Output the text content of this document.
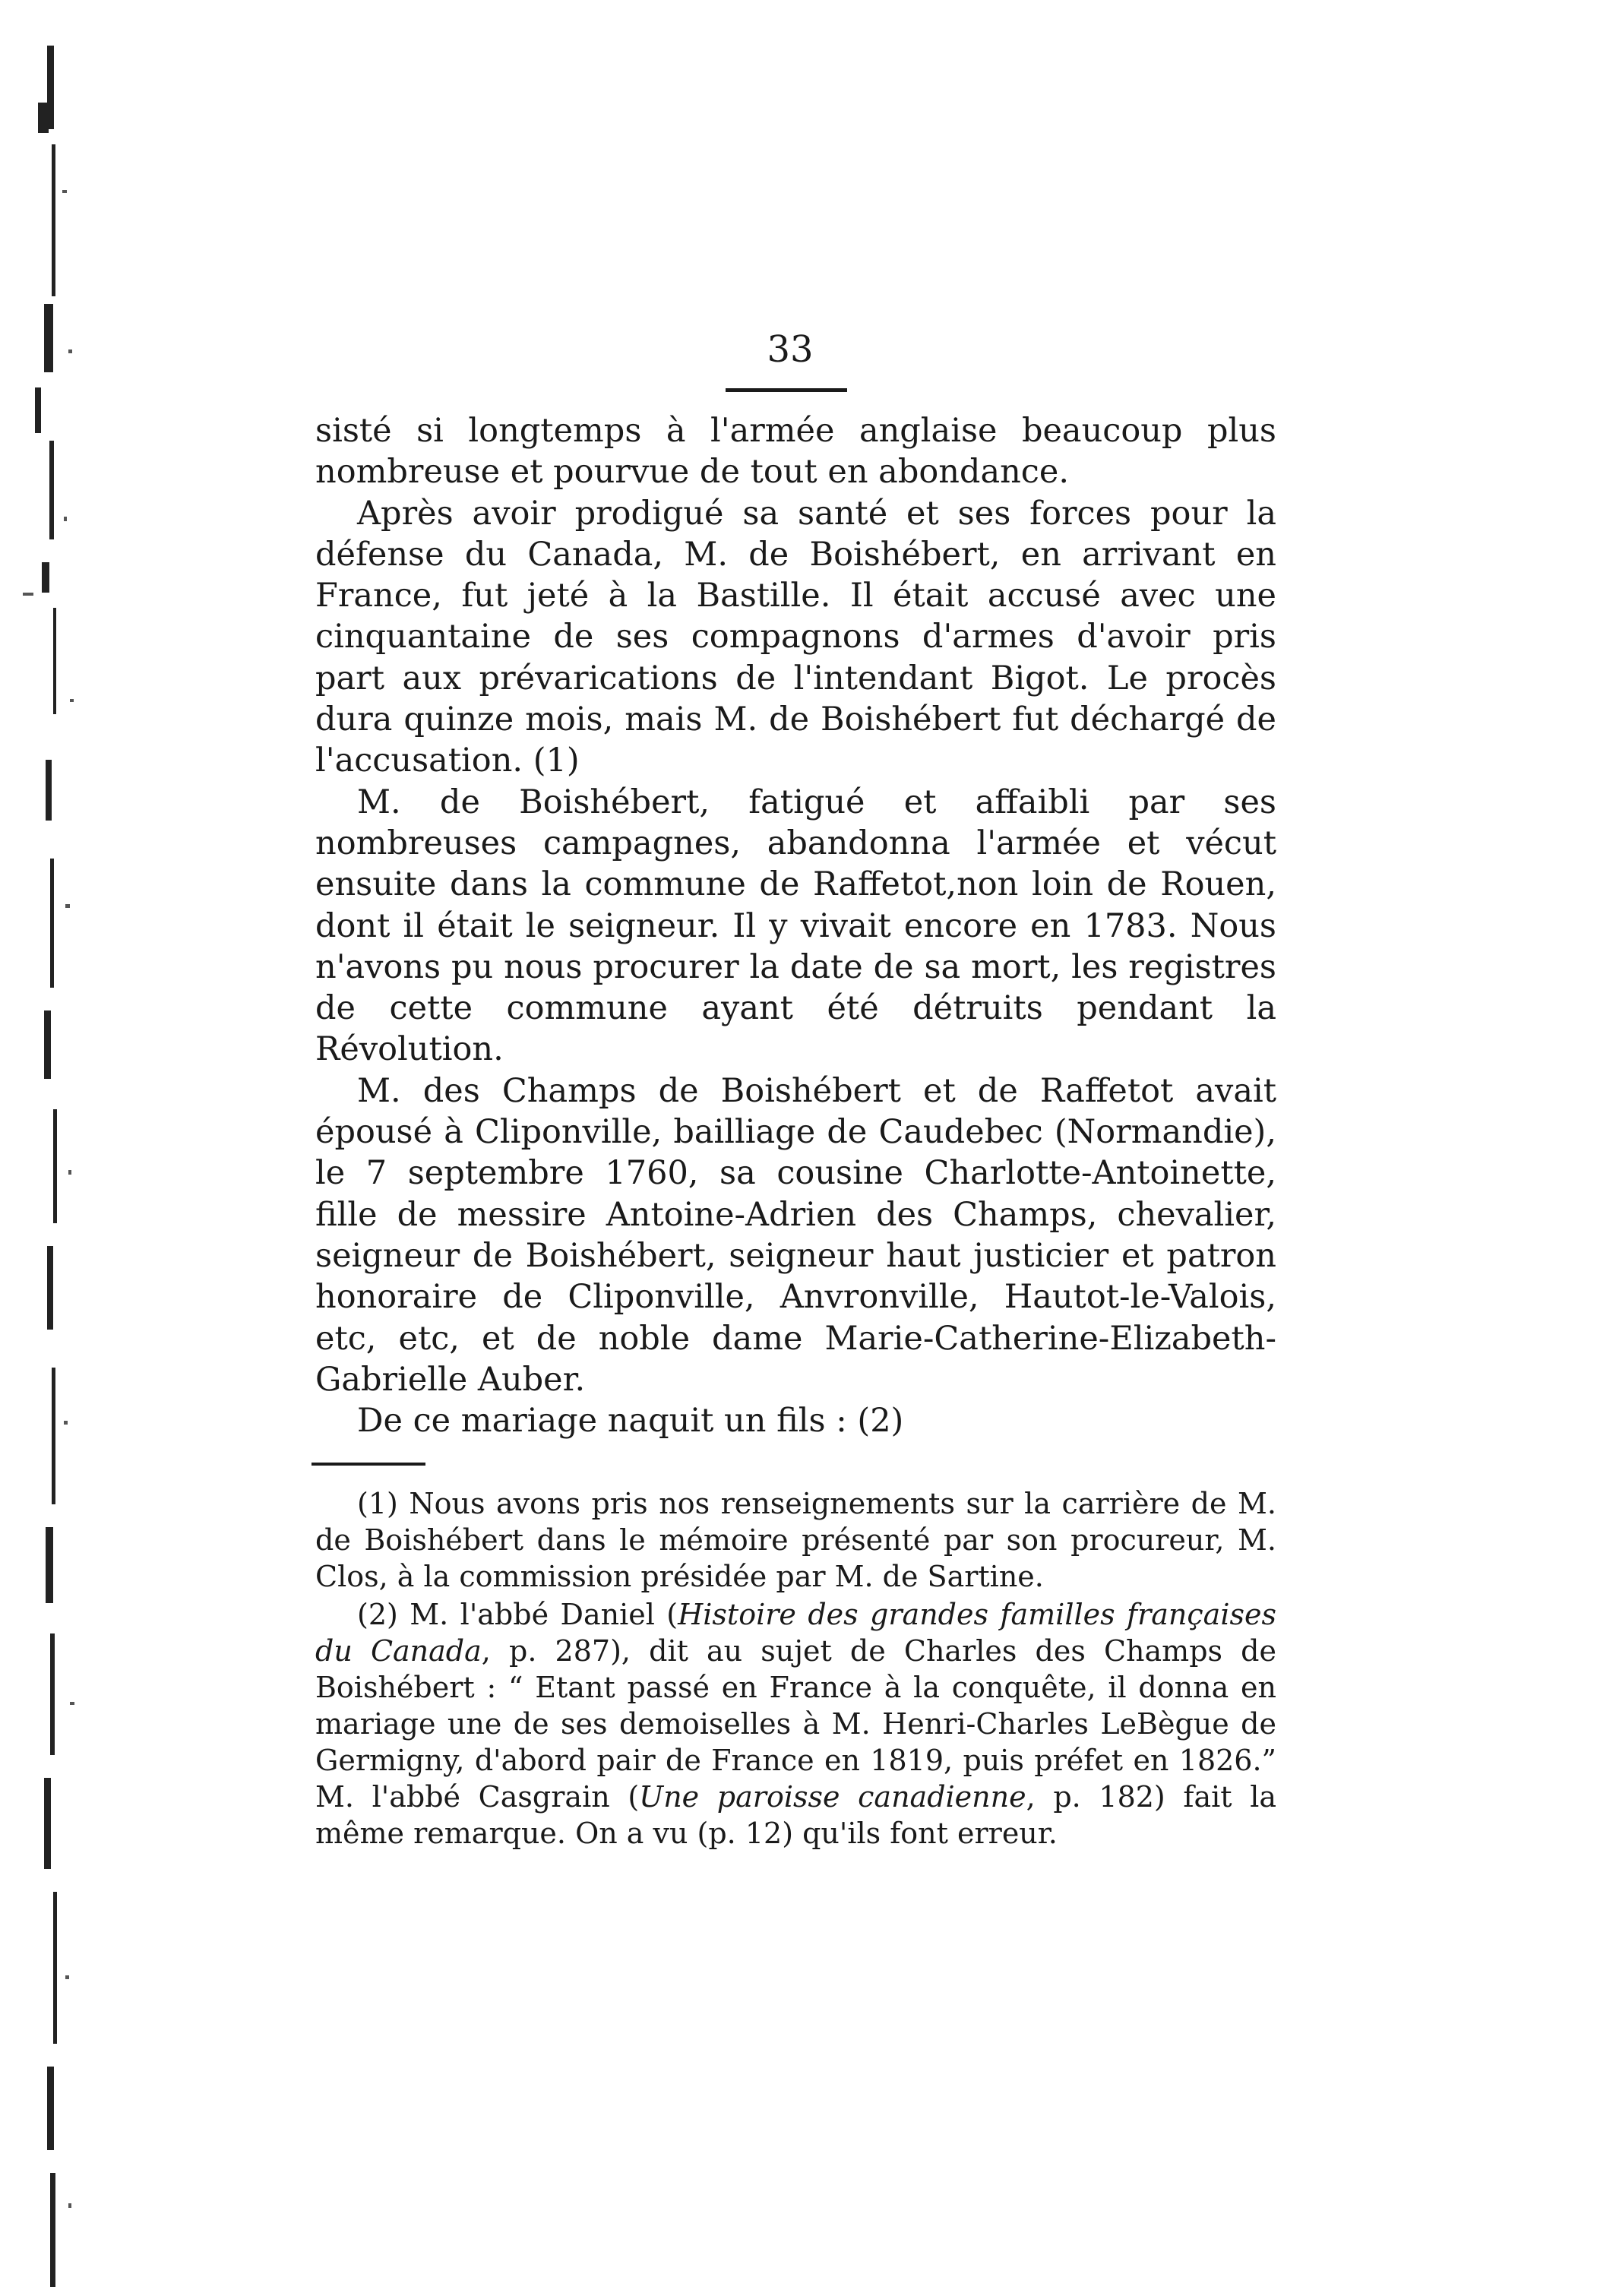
33

sisté si longtemps à l'armée anglaise beaucoup plus nombreuse et pourvue de tout en abondance.

Après avoir prodigué sa santé et ses forces pour la défense du Canada, M. de Boishébert, en arrivant en France, fut jeté à la Bastille. Il était accusé avec une cinquantaine de ses compagnons d'armes d'avoir pris part aux prévarications de l'intendant Bigot. Le procès dura quinze mois, mais M. de Boishébert fut déchargé de l'accusation. (1)

M. de Boishébert, fatigué et affaibli par ses nombreuses campagnes, abandonna l'armée et vécut ensuite dans la commune de Raffetot,non loin de Rouen, dont il était le seigneur. Il y vivait encore en 1783. Nous n'avons pu nous procurer la date de sa mort, les registres de cette commune ayant été détruits pendant la Révolution.

M. des Champs de Boishébert et de Raffetot avait épousé à Cliponville, bailliage de Caudebec (Normandie), le 7 septembre 1760, sa cousine Charlotte-Antoinette, fille de messire Antoine-Adrien des Champs, chevalier, seigneur de Boishébert, seigneur haut justicier et patron honoraire de Cliponville, Anvronville, Hautot-le-Valois, etc, etc, et de noble dame Marie-Catherine-Elizabeth-Gabrielle Auber.

De ce mariage naquit un fils : (2)

(1) Nous avons pris nos renseignements sur la carrière de M. de Boishébert dans le mémoire présenté par son procureur, M. Clos, à la commission présidée par M. de Sartine.

(2) M. l'abbé Daniel (Histoire des grandes familles françaises du Canada, p. 287), dit au sujet de Charles des Champs de Boishébert : “ Etant passé en France à la conquête, il donna en mariage une de ses demoiselles à M. Henri-Charles LeBègue de Germigny, d'abord pair de France en 1819, puis préfet en 1826.” M. l'abbé Casgrain (Une paroisse canadienne, p. 182) fait la même remarque. On a vu (p. 12) qu'ils font erreur.
